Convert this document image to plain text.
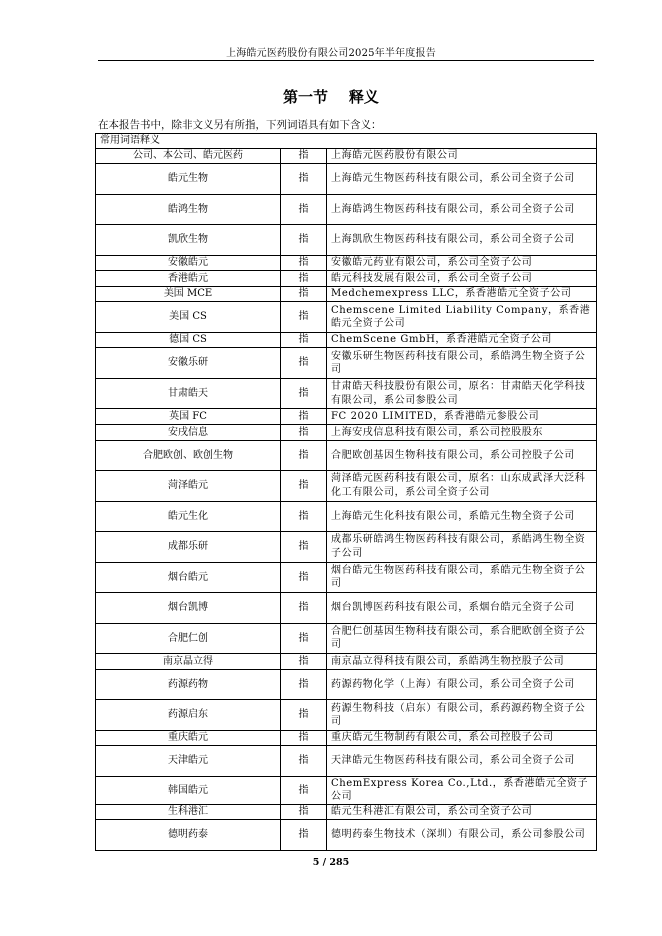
上海皓元医药股份有限公司2025年半年度报告
第一节    释义
在本报告书中，除非文义另有所指，下列词语具有如下含义：
常用词语释义		
公司、本公司、皓元医药	指	上海皓元医药股份有限公司
皓元生物	指	上海皓元生物医药科技有限公司，系公司全资子公司
皓鸿生物	指	上海皓鸿生物医药科技有限公司，系公司全资子公司
凯欣生物	指	上海凯欣生物医药科技有限公司，系公司全资子公司
安徽皓元	指	安徽皓元药业有限公司，系公司全资子公司
香港皓元	指	皓元科技发展有限公司，系公司全资子公司
美国 MCE	指	Medchemexpress LLC，系香港皓元全资子公司
美国 CS	指	Chemscene Limited Liability Company，系香港皓元全资子公司
德国 CS	指	ChemScene GmbH，系香港皓元全资子公司
安徽乐研	指	安徽乐研生物医药科技有限公司，系皓鸿生物全资子公司
甘肃皓天	指	甘肃皓天科技股份有限公司，原名：甘肃皓天化学科技有限公司，系公司参股公司
英国 FC	指	FC 2020 LIMITED，系香港皓元参股公司
安戌信息	指	上海安戌信息科技有限公司，系公司控股股东
合肥欧创、欧创生物	指	合肥欧创基因生物科技有限公司，系公司控股子公司
菏泽皓元	指	菏泽皓元医药科技有限公司，原名：山东成武泽大泛科化工有限公司，系公司全资子公司
皓元生化	指	上海皓元生化科技有限公司，系皓元生物全资子公司
成都乐研	指	成都乐研皓鸿生物医药科技有限公司，系皓鸿生物全资子公司
烟台皓元	指	烟台皓元生物医药科技有限公司，系皓元生物全资子公司
烟台凯博	指	烟台凯博医药科技有限公司，系烟台皓元全资子公司
合肥仁创	指	合肥仁创基因生物科技有限公司，系合肥欧创全资子公司
南京晶立得	指	南京晶立得科技有限公司，系皓鸿生物控股子公司
药源药物	指	药源药物化学（上海）有限公司，系公司全资子公司
药源启东	指	药源生物科技（启东）有限公司，系药源药物全资子公司
重庆皓元	指	重庆皓元生物制药有限公司，系公司控股子公司
天津皓元	指	天津皓元生物医药科技有限公司，系公司全资子公司
韩国皓元	指	ChemExpress Korea Co.,Ltd.，系香港皓元全资子公司
生科港汇	指	皓元生科港汇有限公司，系公司全资子公司
德明药泰	指	德明药泰生物技术（深圳）有限公司，系公司参股公司
5 / 285
